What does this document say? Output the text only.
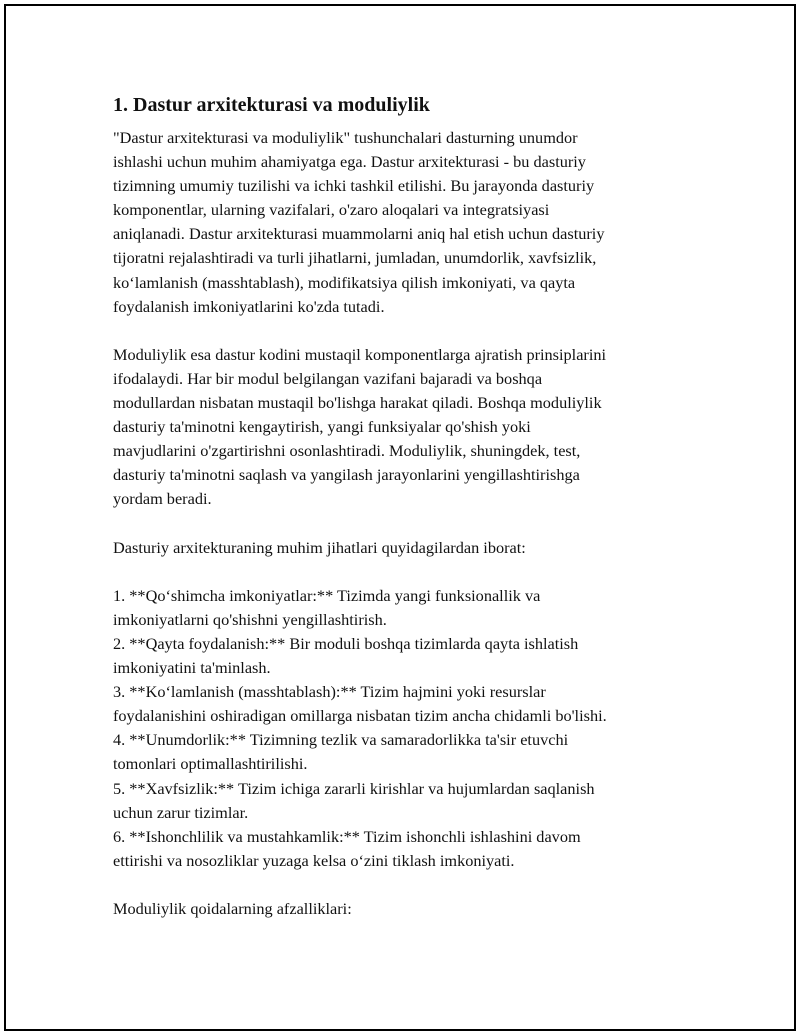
1. Dastur arxitekturasi va moduliylik

"Dastur arxitekturasi va moduliylik" tushunchalari dasturning unumdor
ishlashi uchun muhim ahamiyatga ega. Dastur arxitekturasi - bu dasturiy
tizimning umumiy tuzilishi va ichki tashkil etilishi. Bu jarayonda dasturiy
komponentlar, ularning vazifalari, o'zaro aloqalari va integratsiyasi
aniqlanadi. Dastur arxitekturasi muammolarni aniq hal etish uchun dasturiy
tijoratni rejalashtiradi va turli jihatlarni, jumladan, unumdorlik, xavfsizlik,
ko‘lamlanish (masshtablash), modifikatsiya qilish imkoniyati, va qayta
foydalanish imkoniyatlarini ko'zda tutadi.

Moduliylik esa dastur kodini mustaqil komponentlarga ajratish prinsiplarini
ifodalaydi. Har bir modul belgilangan vazifani bajaradi va boshqa
modullardan nisbatan mustaqil bo'lishga harakat qiladi. Boshqa moduliylik
dasturiy ta'minotni kengaytirish, yangi funksiyalar qo'shish yoki
mavjudlarini o'zgartirishni osonlashtiradi. Moduliylik, shuningdek, test,
dasturiy ta'minotni saqlash va yangilash jarayonlarini yengillashtirishga
yordam beradi.

Dasturiy arxitekturaning muhim jihatlari quyidagilardan iborat:

1. **Qo‘shimcha imkoniyatlar:** Tizimda yangi funksionallik va
imkoniyatlarni qo'shishni yengillashtirish.
2. **Qayta foydalanish:** Bir moduli boshqa tizimlarda qayta ishlatish
imkoniyatini ta'minlash.
3. **Ko‘lamlanish (masshtablash):** Tizim hajmini yoki resurslar
foydalanishini oshiradigan omillarga nisbatan tizim ancha chidamli bo'lishi.
4. **Unumdorlik:** Tizimning tezlik va samaradorlikka ta'sir etuvchi
tomonlari optimallashtirilishi.
5. **Xavfsizlik:** Tizim ichiga zararli kirishlar va hujumlardan saqlanish
uchun zarur tizimlar.
6. **Ishonchlilik va mustahkamlik:** Tizim ishonchli ishlashini davom
ettirishi va nosozliklar yuzaga kelsa o‘zini tiklash imkoniyati.

Moduliylik qoidalarning afzalliklari:
